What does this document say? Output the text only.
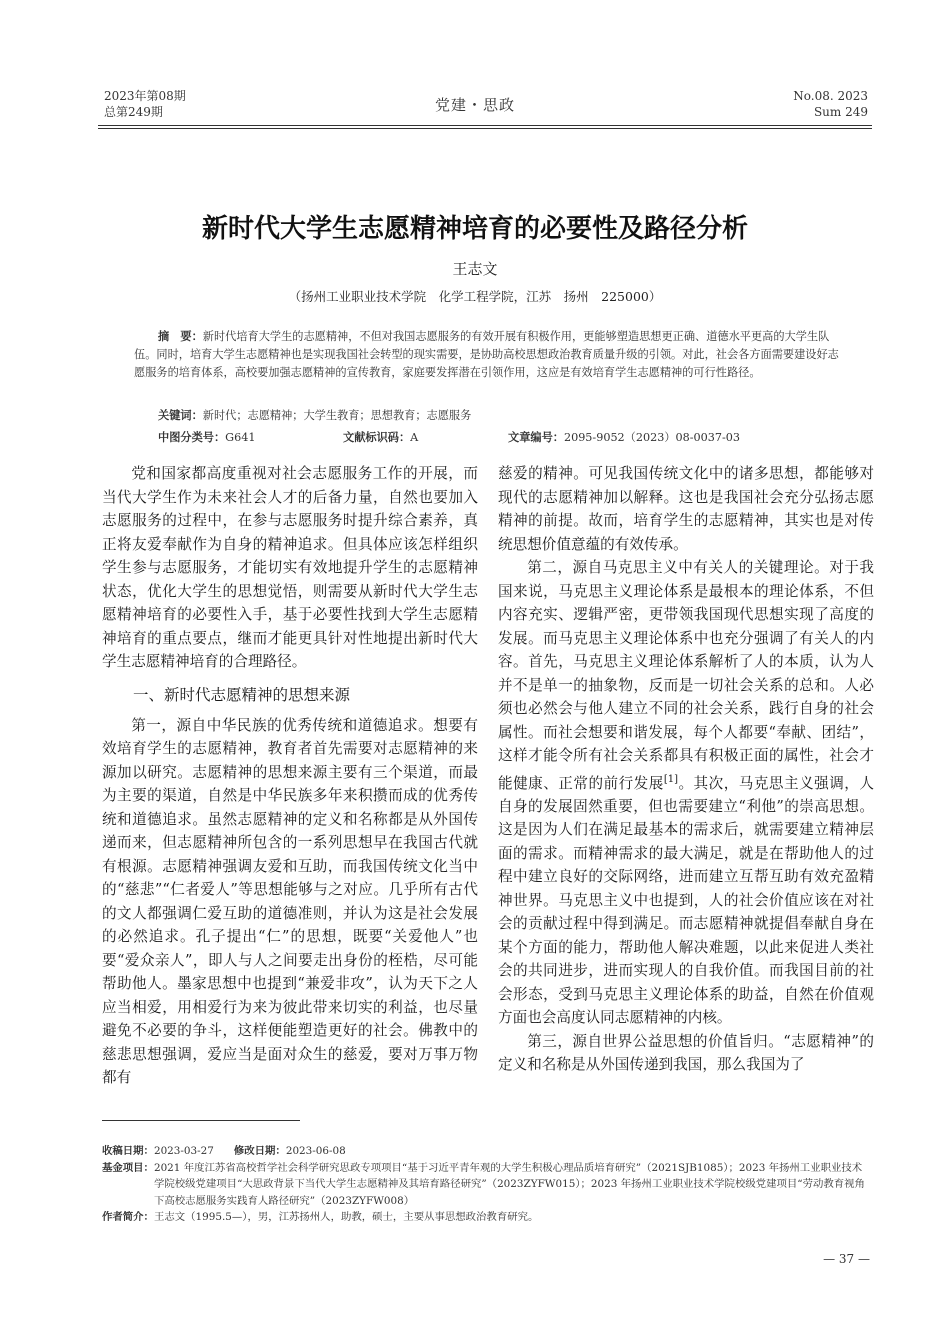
2023年第08期
总第249期	党建・思政	No.08. 2023
Sum 249
新时代大学生志愿精神培育的必要性及路径分析
王志文
（扬州工业职业技术学院　化学工程学院，江苏　扬州　225000）
摘　要：新时代培育大学生的志愿精神，不但对我国志愿服务的有效开展有积极作用，更能够塑造思想更正确、道德水平更高的大学生队伍。同时，培育大学生志愿精神也是实现我国社会转型的现实需要，是协助高校思想政治教育质量升级的引领。对此，社会各方面需要建设好志愿服务的培育体系，高校要加强志愿精神的宣传教育，家庭要发挥潜在引领作用，这应是有效培育学生志愿精神的可行性路径。
关键词：新时代；志愿精神；大学生教育；思想教育；志愿服务
中图分类号：G641	文献标识码：A	文章编号：2095-9052（2023）08-0037-03

党和国家都高度重视对社会志愿服务工作的开展，而当代大学生作为未来社会人才的后备力量，自然也要加入志愿服务的过程中，在参与志愿服务时提升综合素养，真正将友爱奉献作为自身的精神追求。但具体应该怎样组织学生参与志愿服务，才能切实有效地提升学生的志愿精神状态，优化大学生的思想觉悟，则需要从新时代大学生志愿精神培育的必要性入手，基于必要性找到大学生志愿精神培育的重点要点，继而才能更具针对性地提出新时代大学生志愿精神培育的合理路径。

一、新时代志愿精神的思想来源

第一，源自中华民族的优秀传统和道德追求。想要有效培育学生的志愿精神，教育者首先需要对志愿精神的来源加以研究。志愿精神的思想来源主要有三个渠道，而最为主要的渠道，自然是中华民族多年来积攒而成的优秀传统和道德追求。虽然志愿精神的定义和名称都是从外国传递而来，但志愿精神所包含的一系列思想早在我国古代就有根源。志愿精神强调友爱和互助，而我国传统文化当中的“慈悲”“仁者爱人”等思想能够与之对应。几乎所有古代的文人都强调仁爱互助的道德准则，并认为这是社会发展的必然追求。孔子提出“仁”的思想，既要“关爱他人”也要“爱众亲人”，即人与人之间要走出身份的桎梏，尽可能帮助他人。墨家思想中也提到“兼爱非攻”，认为天下之人应当相爱，用相爱行为来为彼此带来切实的利益，也尽量避免不必要的争斗，这样便能塑造更好的社会。佛教中的慈悲思想强调，爱应当是面对众生的慈爱，要对万事万物都有

慈爱的精神。可见我国传统文化中的诸多思想，都能够对现代的志愿精神加以解释。这也是我国社会充分弘扬志愿精神的前提。故而，培育学生的志愿精神，其实也是对传统思想价值意蕴的有效传承。

第二，源自马克思主义中有关人的关键理论。对于我国来说，马克思主义理论体系是最根本的理论体系，不但内容充实、逻辑严密，更带领我国现代思想实现了高度的发展。而马克思主义理论体系中也充分强调了有关人的内容。首先，马克思主义理论体系解析了人的本质，认为人并不是单一的抽象物，反而是一切社会关系的总和。人必须也必然会与他人建立不同的社会关系，践行自身的社会属性。而社会想要和谐发展，每个人都要“奉献、团结”，这样才能令所有社会关系都具有积极正面的属性，社会才能健康、正常的前行发展[1]。其次，马克思主义强调，人自身的发展固然重要，但也需要建立“利他”的崇高思想。这是因为人们在满足最基本的需求后，就需要建立精神层面的需求。而精神需求的最大满足，就是在帮助他人的过程中建立良好的交际网络，进而建立互帮互助有效充盈精神世界。马克思主义中也提到，人的社会价值应该在对社会的贡献过程中得到满足。而志愿精神就提倡奉献自身在某个方面的能力，帮助他人解决难题，以此来促进人类社会的共同进步，进而实现人的自我价值。而我国目前的社会形态，受到马克思主义理论体系的助益，自然在价值观方面也会高度认同志愿精神的内核。

第三，源自世界公益思想的价值旨归。“志愿精神”的定义和名称是从外国传递到我国，那么我国为了

收稿日期： 2023-03-27 修改日期： 2023-06-08
基金项目： 2021 年度江苏省高校哲学社会科学研究思政专项项目“基于习近平青年观的大学生积极心理品质培育研究”（2021SJB1085）；2023 年扬州工业职业技术学院校级党建项目“大思政背景下当代大学生志愿精神及其培育路径研究”（2023ZYFW015）；2023 年扬州工业职业技术学院校级党建项目“劳动教育视角下高校志愿服务实践育人路径研究”（2023ZYFW008）
作者简介： 王志文（1995.5—），男，江苏扬州人，助教，硕士，主要从事思想政治教育研究。
— 37 —
